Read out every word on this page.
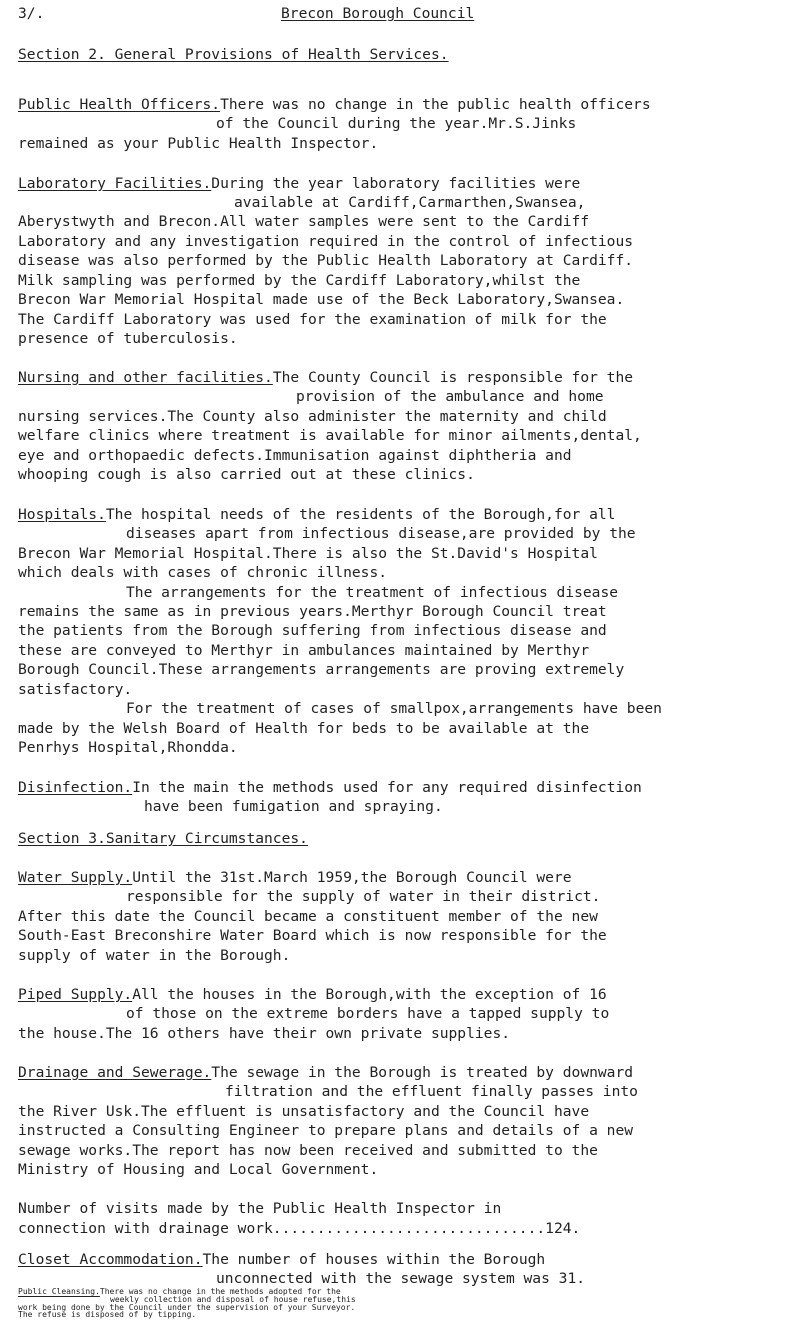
3/.	Brecon Borough Council
Section 2. General Provisions of Health Services.
Public Health Officers.There was no change in the public health officers
of the Council during the year.Mr.S.Jinks
remained as your Public Health Inspector.
Laboratory Facilities.During the year laboratory facilities were
available at Cardiff,Carmarthen,Swansea,
Aberystwyth and Brecon.All water samples were sent to the Cardiff
Laboratory and any investigation required in the control of infectious
disease was also performed by the Public Health Laboratory at Cardiff.
Milk sampling was performed by the Cardiff Laboratory,whilst the
Brecon War Memorial Hospital made use of the Beck Laboratory,Swansea.
The Cardiff Laboratory was used for the examination of milk for the
presence of tuberculosis.
Nursing and other facilities.The County Council is responsible for the
provision of the ambulance and home
nursing services.The County also administer the maternity and child
welfare clinics where treatment is available for minor ailments,dental,
eye and orthopaedic defects.Immunisation against diphtheria and
whooping cough is also carried out at these clinics.
Hospitals.The hospital needs of the residents of the Borough,for all
diseases apart from infectious disease,are provided by the
Brecon War Memorial Hospital.There is also the St.David's Hospital
which deals with cases of chronic illness.
The arrangements for the treatment of infectious disease
remains the same as in previous years.Merthyr Borough Council treat
the patients from the Borough suffering from infectious disease and
these are conveyed to Merthyr in ambulances maintained by Merthyr
Borough Council.These arrangements arrangements are proving extremely
satisfactory.
For the treatment of cases of smallpox,arrangements have been
made by the Welsh Board of Health for beds to be available at the
Penrhys Hospital,Rhondda.
Disinfection.In the main the methods used for any required disinfection
have been fumigation and spraying.
Section 3.Sanitary Circumstances.
Water Supply.Until the 31st.March 1959,the Borough Council were
responsible for the supply of water in their district.
After this date the Council became a constituent member of the new
South-East Breconshire Water Board which is now responsible for the
supply of water in the Borough.
Piped Supply.All the houses in the Borough,with the exception of 16
of those on the extreme borders have a tapped supply to
the house.The 16 others have their own private supplies.
Drainage and Sewerage.The sewage in the Borough is treated by downward
filtration and the effluent finally passes into
the River Usk.The effluent is unsatisfactory and the Council have
instructed a Consulting Engineer to prepare plans and details of a new
sewage works.The report has now been received and submitted to the
Ministry of Housing and Local Government.
Number of visits made by the Public Health Inspector in
connection with drainage work...............................124.
Closet Accommodation.The number of houses within the Borough
unconnected with the sewage system was 31.
Public Cleansing.There was no change in the methods adopted for the
weekly collection and disposal of house refuse,this
work being done by the Council under the supervision of your Surveyor.
The refuse is disposed of by tipping.
